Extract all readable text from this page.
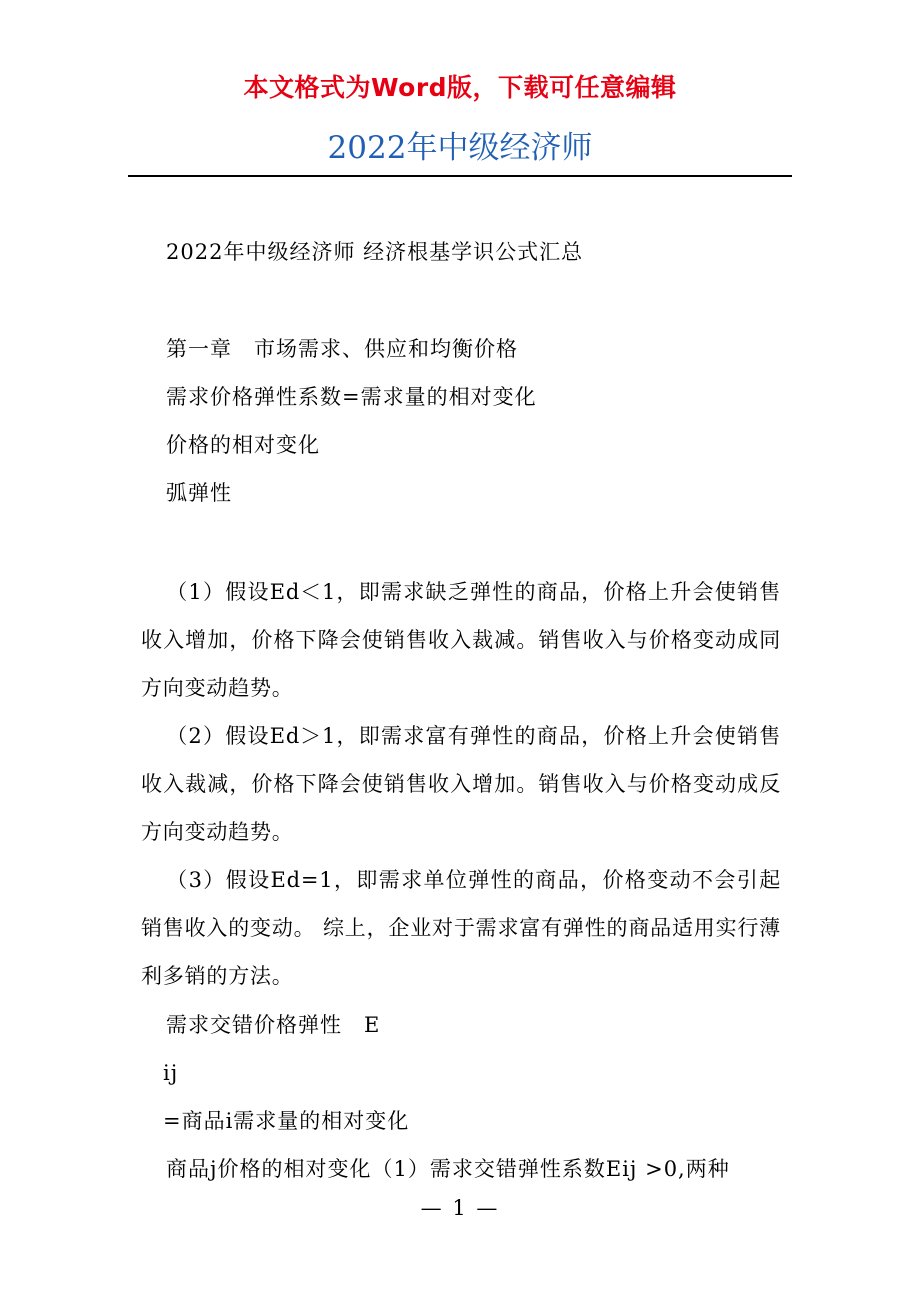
本文格式为Word版，下载可任意编辑
2022年中级经济师
2022年中级经济师 经济根基学识公式汇总
第一章　市场需求、供应和均衡价格
需求价格弹性系数=需求量的相对变化
价格的相对变化
弧弹性
（1）假设Ed＜1，即需求缺乏弹性的商品，价格上升会使销售收入增加，价格下降会使销售收入裁减。销售收入与价格变动成同方向变动趋势。
（2）假设Ed＞1，即需求富有弹性的商品，价格上升会使销售收入裁减，价格下降会使销售收入增加。销售收入与价格变动成反方向变动趋势。
（3）假设Ed=1，即需求单位弹性的商品，价格变动不会引起销售收入的变动。 综上，企业对于需求富有弹性的商品适用实行薄利多销的方法。
需求交错价格弹性　E
ij
=商品i需求量的相对变化
商品j价格的相对变化（1）需求交错弹性系数Eij >0,两种
— 1 —
